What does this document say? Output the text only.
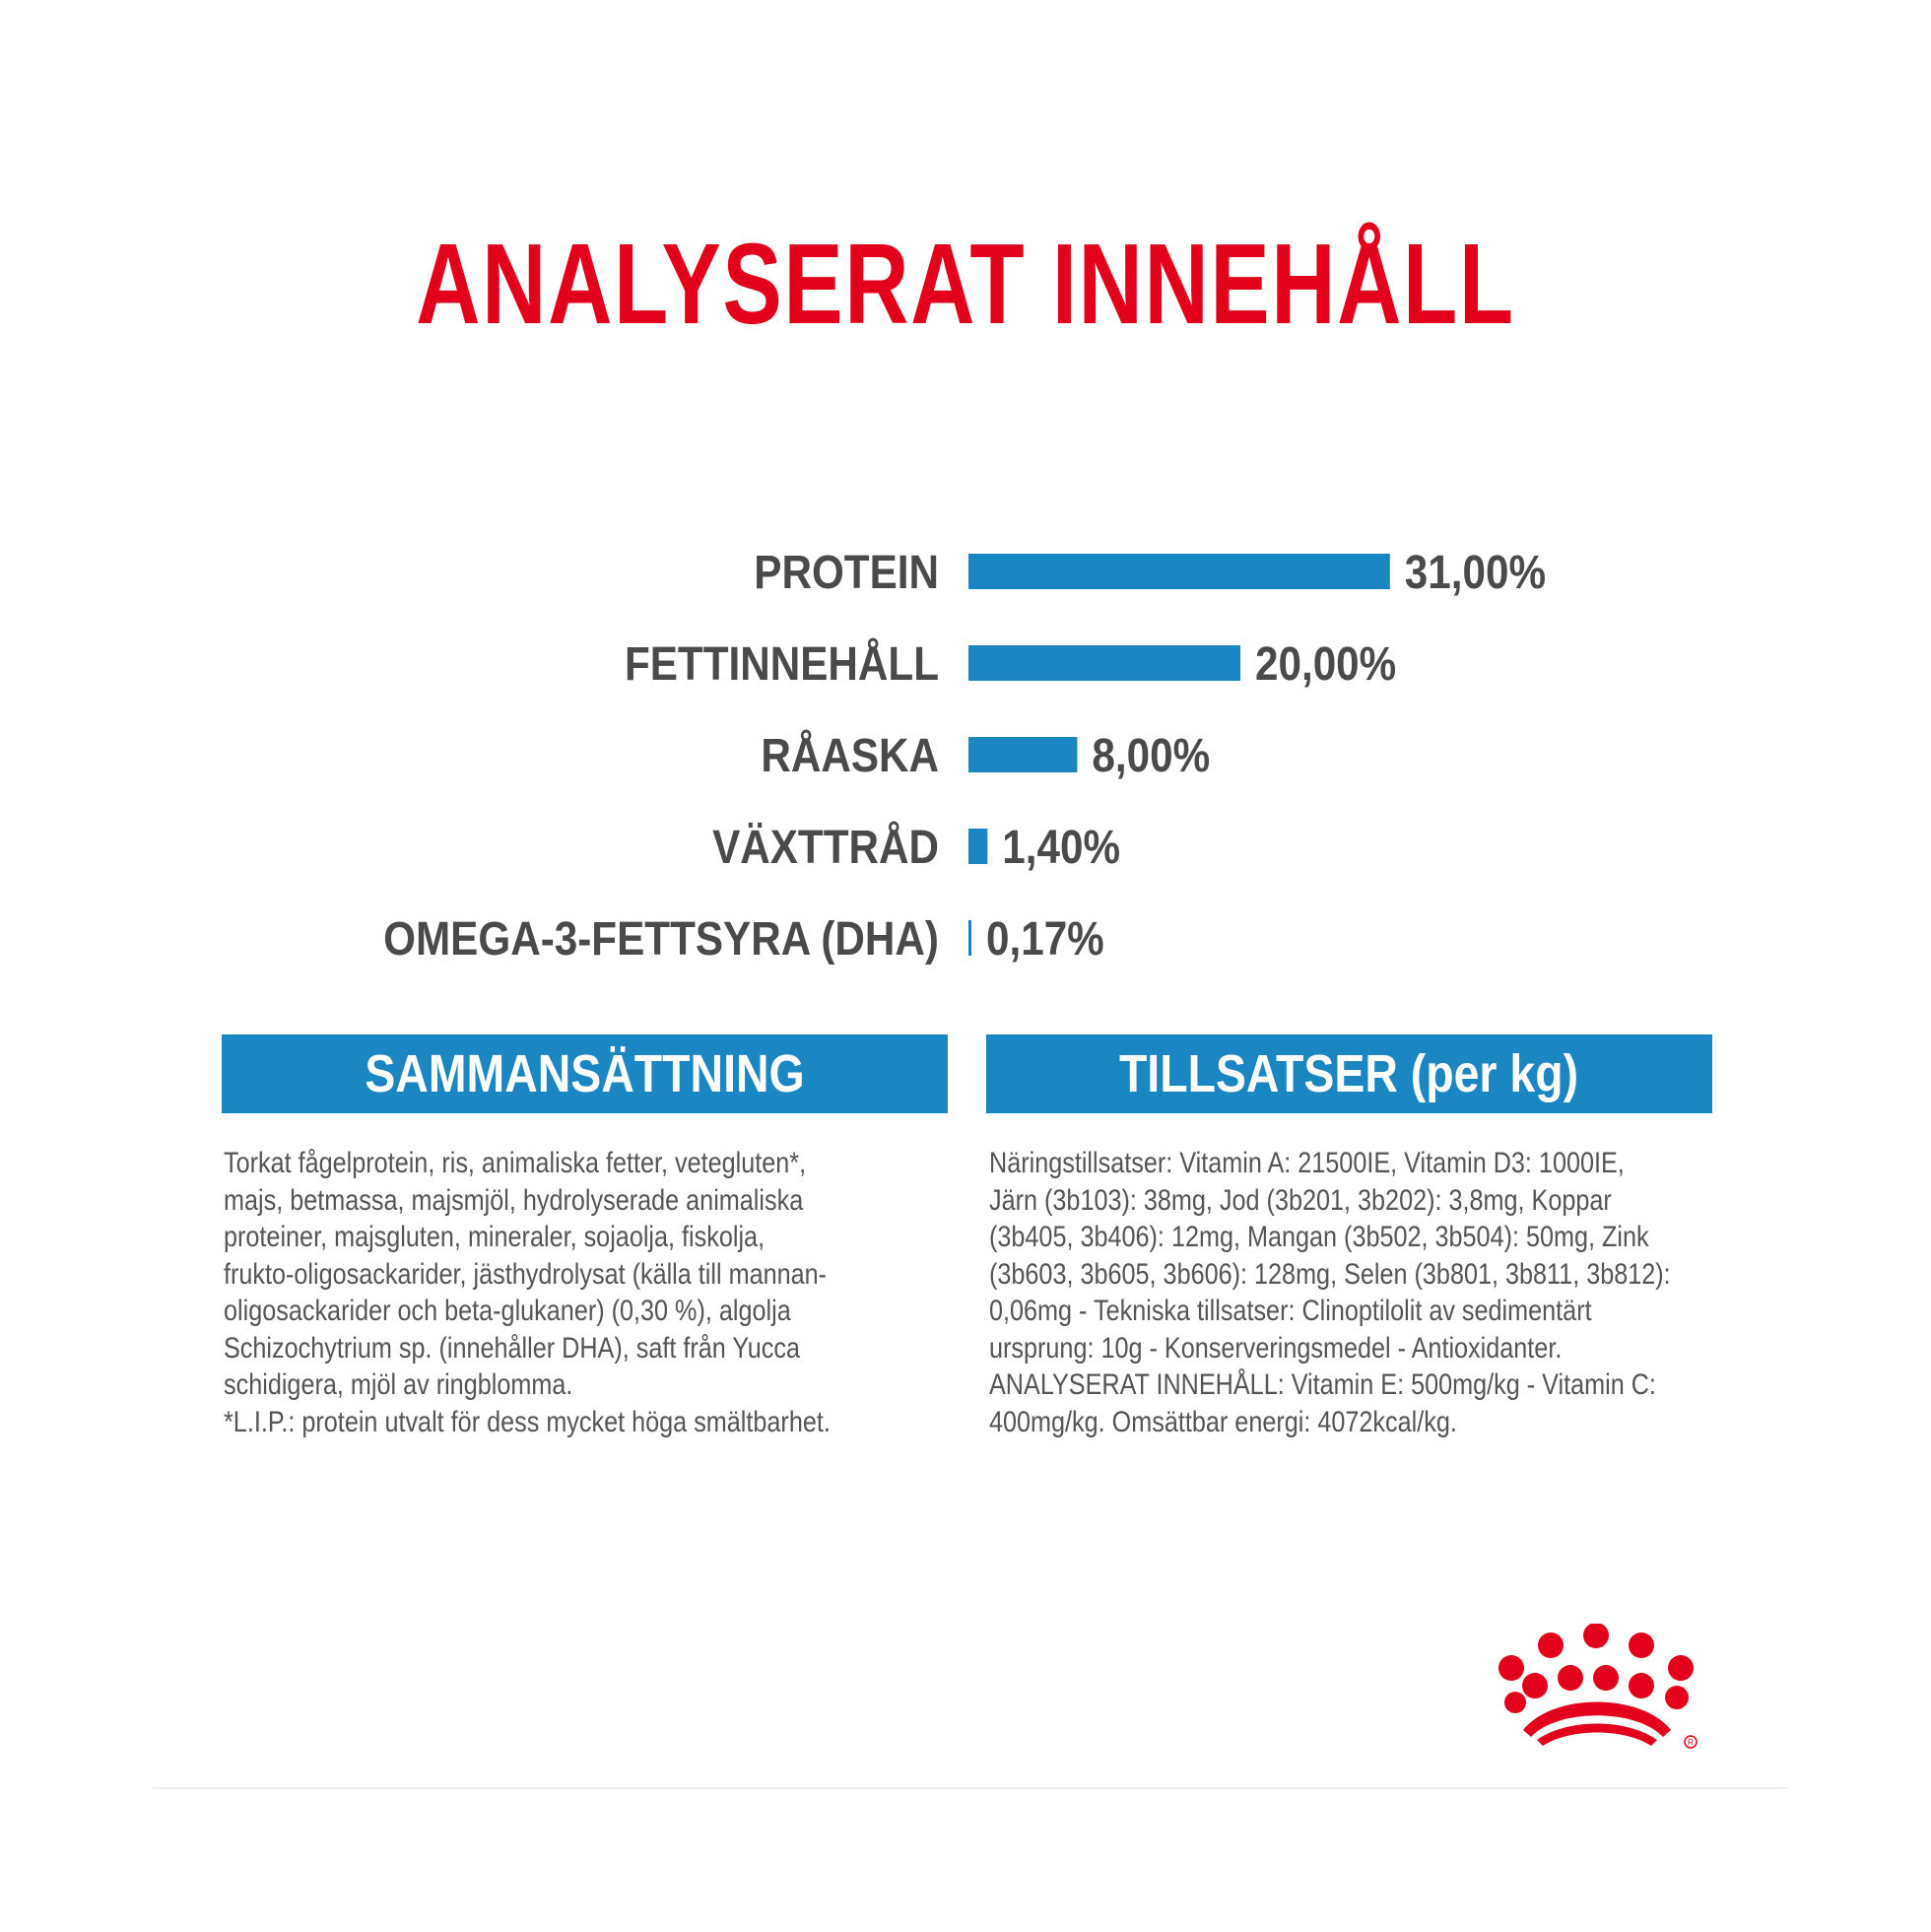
ANALYSERAT INNEHÅLL
PROTEIN	31,00%
FETTINNEHÅLL	20,00%
RÅASKA	8,00%
VÄXTTRÅD 1,40%
OMEGA-3-FETTSYRA (DHA) 0,17%
SAMMANSÄTTNING	TILLSATSER (per kg)
Torkat fågelprotein, ris, animaliska fetter, vetegluten*,
majs, betmassa, majsmjöl, hydrolyserade animaliska
proteiner, majsgluten, mineraler, sojaolja, fiskolja,
frukto-oligosackarider, jästhydrolysat (källa till mannan-
oligosackarider och beta-glukaner) (0,30 %), algolja
Schizochytrium sp. (innehåller DHA), saft från Yucca
schidigera, mjöl av ringblomma.
*L.I.P.: protein utvalt för dess mycket höga smältbarhet.
Näringstillsatser: Vitamin A: 21500IE, Vitamin D3: 1000IE,
Järn (3b103): 38mg, Jod (3b201, 3b202): 3,8mg, Koppar
(3b405, 3b406): 12mg, Mangan (3b502, 3b504): 50mg, Zink
(3b603, 3b605, 3b606): 128mg, Selen (3b801, 3b811, 3b812):
0,06mg - Tekniska tillsatser: Clinoptilolit av sedimentärt
ursprung: 10g - Konserveringsmedel - Antioxidanter.
ANALYSERAT INNEHÅLL: Vitamin E: 500mg/kg - Vitamin C:
400mg/kg. Omsättbar energi: 4072kcal/kg.
R
